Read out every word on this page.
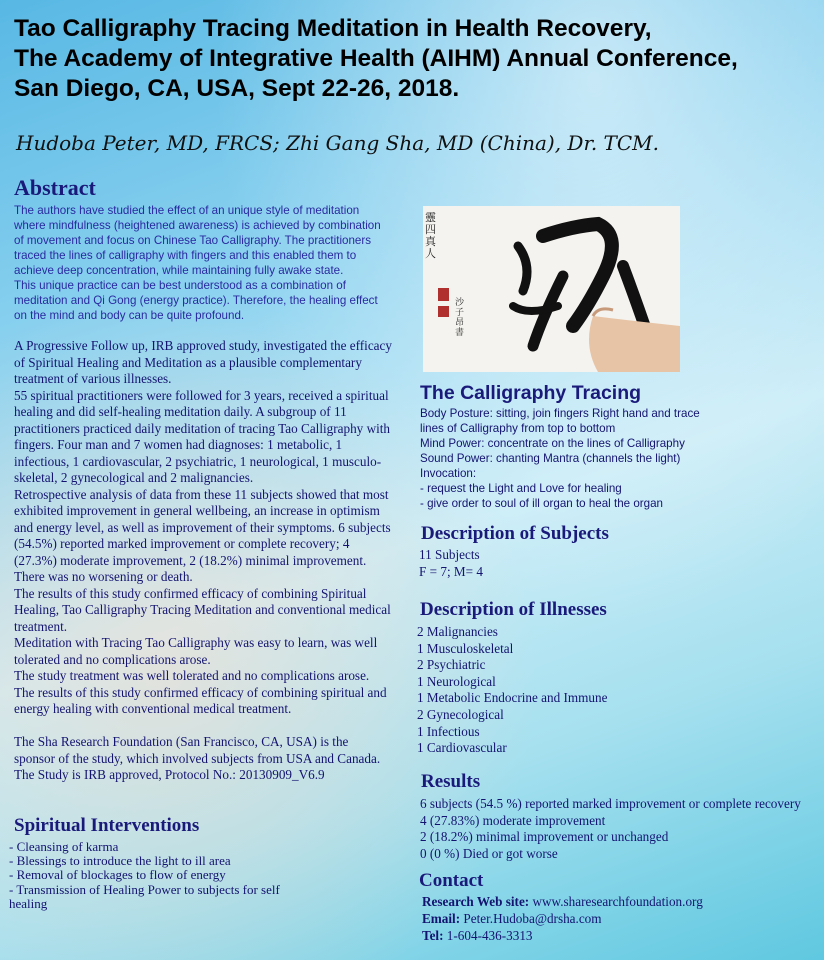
Tao Calligraphy Tracing Meditation in Health Recovery,
The Academy of Integrative Health (AIHM) Annual Conference,
San Diego, CA, USA, Sept 22-26, 2018.
Hudoba Peter, MD, FRCS; Zhi Gang Sha, MD (China), Dr. TCM.
Abstract
The authors have studied the effect of an unique style of meditation where mindfulness (heightened awareness) is achieved by combination of movement and focus on Chinese Tao Calligraphy. The practitioners traced the lines of calligraphy with fingers and this enabled them to achieve deep concentration, while maintaining fully awake state.
This unique practice can be best understood as a combination of meditation and Qi Gong (energy practice). Therefore, the healing effect on the mind and body can be quite profound.
A Progressive Follow up, IRB approved study, investigated the efficacy of Spiritual Healing and Meditation as a plausible complementary treatment of various illnesses.
55 spiritual practitioners were followed for 3 years, received a spiritual healing and did self-healing meditation daily. A subgroup of 11 practitioners practiced daily meditation of tracing Tao Calligraphy with fingers. Four man and 7 women had diagnoses: 1 metabolic, 1 infectious, 1 cardiovascular, 2 psychiatric, 1 neurological, 1 musculo-skeletal, 2 gynecological and 2 malignancies.
Retrospective analysis of data from these 11 subjects showed that most exhibited improvement in general wellbeing, an increase in optimism and energy level, as well as improvement of their symptoms. 6 subjects (54.5%) reported marked improvement or complete recovery; 4 (27.3%) moderate improvement, 2 (18.2%) minimal improvement. There was no worsening or death.
The results of this study confirmed efficacy of combining Spiritual Healing, Tao Calligraphy Tracing Meditation and conventional medical treatment.
Meditation with Tracing Tao Calligraphy was easy to learn, was well tolerated and no complications arose.
The study treatment was well tolerated and no complications arose.
The results of this study confirmed efficacy of combining spiritual and energy healing with conventional medical treatment.
The Sha Research Foundation (San Francisco, CA, USA) is the sponsor of the study, which involved subjects from USA and Canada. The Study is IRB approved, Protocol No.: 20130909_V6.9
Spiritual Interventions
- Cleansing of karma
- Blessings to introduce the light to ill area
- Removal of blockages to flow of energy
- Transmission of Healing Power to subjects for self healing
靈四真人
沙子昂書
The Calligraphy Tracing
Body Posture: sitting, join fingers Right hand and trace
lines of Calligraphy from top to bottom
Mind Power: concentrate on the lines of Calligraphy
Sound Power: chanting Mantra (channels the light)
Invocation:
- request the Light and Love for healing
- give order to soul of ill organ to heal the organ
Description of Subjects
11 Subjects
F = 7; M= 4
Description of Illnesses
2 Malignancies
1 Musculoskeletal
2 Psychiatric
1 Neurological
1 Metabolic Endocrine and Immune
2 Gynecological
1 Infectious
1 Cardiovascular
Results
6 subjects (54.5 %) reported marked improvement or complete recovery
4 (27.83%) moderate improvement
2 (18.2%) minimal improvement or unchanged
0 (0 %) Died or got worse
Contact
Research Web site: www.sharesearchfoundation.org
Email: Peter.Hudoba@drsha.com
Tel: 1-604-436-3313
